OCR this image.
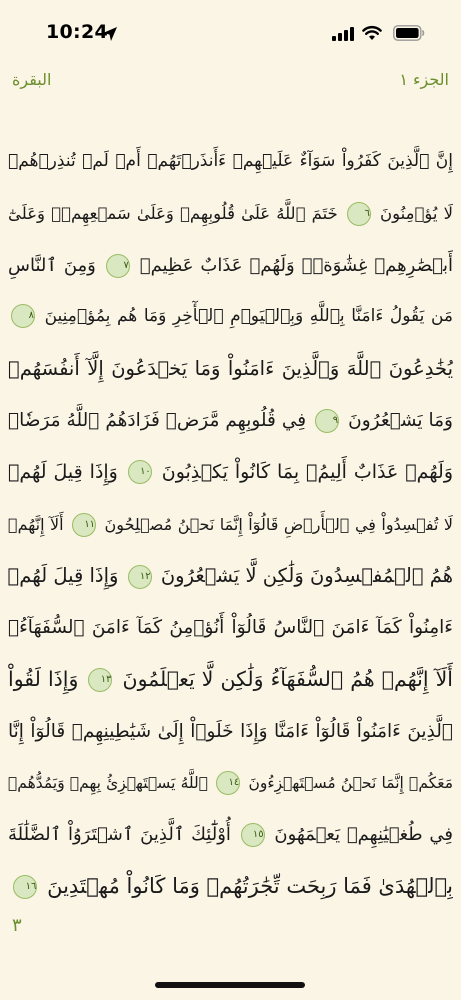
10:24
الجزء ١
البقرة
إِنَّ ٱلَّذِينَ كَفَرُواْ سَوَآءٌ عَلَيۡهِمۡ ءَأَنذَرۡتَهُمۡ أَمۡ لَمۡ تُنذِرۡهُمۡ
لَا يُؤۡمِنُونَ ٦ خَتَمَ ٱللَّهُ عَلَىٰ قُلُوبِهِمۡ وَعَلَىٰ سَمۡعِهِمۡۖ وَعَلَىٰٓ
أَبۡصَٰرِهِمۡ غِشَٰوَةٞۖ وَلَهُمۡ عَذَابٌ عَظِيمٞ ٧ وَمِنَ ٱلنَّاسِ
مَن يَقُولُ ءَامَنَّا بِٱللَّهِ وَبِٱلۡيَوۡمِ ٱلۡأٓخِرِ وَمَا هُم بِمُؤۡمِنِينَ ٨
يُخَٰدِعُونَ ٱللَّهَ وَٱلَّذِينَ ءَامَنُواْ وَمَا يَخۡدَعُونَ إِلَّآ أَنفُسَهُمۡ
وَمَا يَشۡعُرُونَ ٩ فِي قُلُوبِهِم مَّرَضٞ فَزَادَهُمُ ٱللَّهُ مَرَضٗاۖ
وَلَهُمۡ عَذَابٌ أَلِيمُۢ بِمَا كَانُواْ يَكۡذِبُونَ ١٠ وَإِذَا قِيلَ لَهُمۡ
لَا تُفۡسِدُواْ فِي ٱلۡأَرۡضِ قَالُوٓاْ إِنَّمَا نَحۡنُ مُصۡلِحُونَ ١١ أَلَآ إِنَّهُمۡ
هُمُ ٱلۡمُفۡسِدُونَ وَلَٰكِن لَّا يَشۡعُرُونَ ١٢ وَإِذَا قِيلَ لَهُمۡ
ءَامِنُواْ كَمَآ ءَامَنَ ٱلنَّاسُ قَالُوٓاْ أَنُؤۡمِنُ كَمَآ ءَامَنَ ٱلسُّفَهَآءُۗ
أَلَآ إِنَّهُمۡ هُمُ ٱلسُّفَهَآءُ وَلَٰكِن لَّا يَعۡلَمُونَ ١٣ وَإِذَا لَقُواْ
ٱلَّذِينَ ءَامَنُواْ قَالُوٓاْ ءَامَنَّا وَإِذَا خَلَوۡاْ إِلَىٰ شَيَٰطِينِهِمۡ قَالُوٓاْ إِنَّا
مَعَكُمۡ إِنَّمَا نَحۡنُ مُسۡتَهۡزِءُونَ ١٤ ٱللَّهُ يَسۡتَهۡزِئُ بِهِمۡ وَيَمُدُّهُمۡ
فِي طُغۡيَٰنِهِمۡ يَعۡمَهُونَ ١٥ أُوْلَٰٓئِكَ ٱلَّذِينَ ٱشۡتَرَوُاْ ٱلضَّلَٰلَةَ
بِٱلۡهُدَىٰ فَمَا رَبِحَت تِّجَٰرَتُهُمۡ وَمَا كَانُواْ مُهۡتَدِينَ ١٦
٣
